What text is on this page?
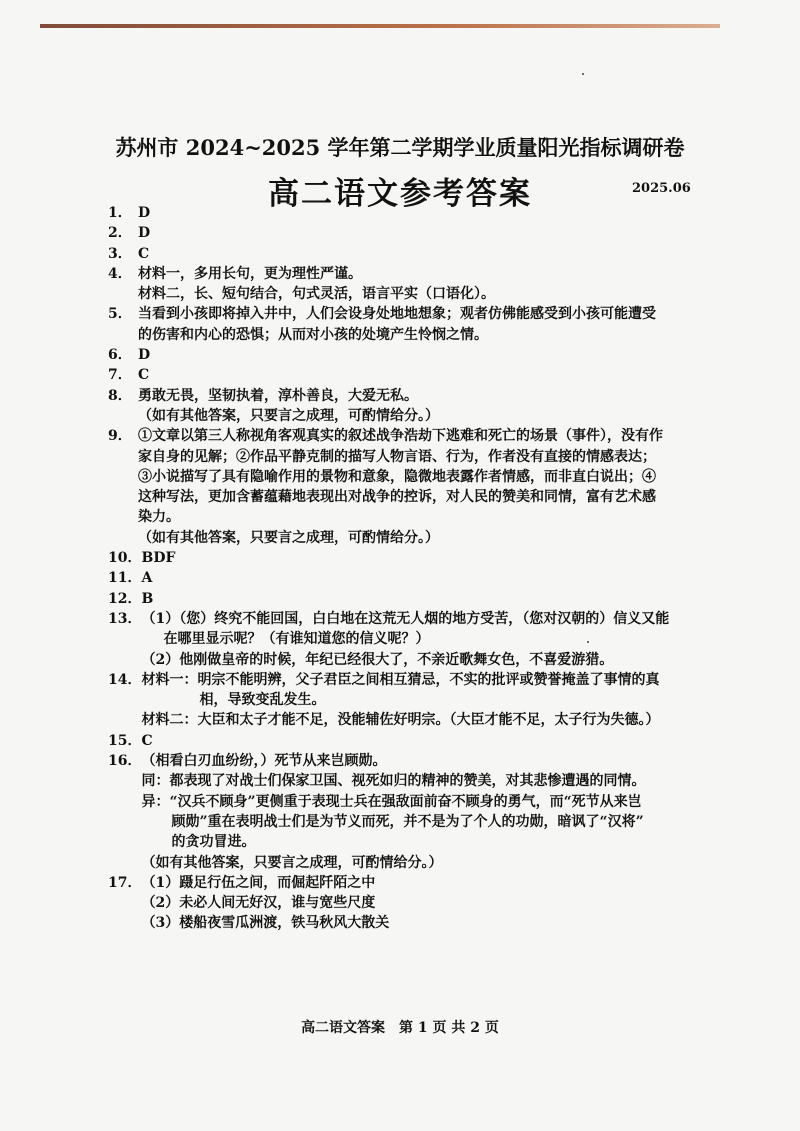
苏州市 2024~2025 学年第二学期学业质量阳光指标调研卷
高二语文参考答案	2025.06
1． D
2． D
3． C
4． 材料一，多用长句，更为理性严谨。
材料二，长、短句结合，句式灵活，语言平实（口语化）。
5． 当看到小孩即将掉入井中，人们会设身处地地想象；观者仿佛能感受到小孩可能遭受
的伤害和内心的恐惧；从而对小孩的处境产生怜悯之情。
6． D
7． C
8． 勇敢无畏，坚韧执着，淳朴善良，大爱无私。
（如有其他答案，只要言之成理，可酌情给分。）
9． ①文章以第三人称视角客观真实的叙述战争浩劫下逃难和死亡的场景（事件），没有作
家自身的见解；②作品平静克制的描写人物言语、行为，作者没有直接的情感表达；
③小说描写了具有隐喻作用的景物和意象，隐微地表露作者情感，而非直白说出；④
这种写法，更加含蓄蕴藉地表现出对战争的控诉，对人民的赞美和同情，富有艺术感
染力。
（如有其他答案，只要言之成理，可酌情给分。）
10． BDF
11． A
12． B
13． （1）（您）终究不能回国，白白地在这荒无人烟的地方受苦，（您对汉朝的）信义又能
在哪里显示呢？（有谁知道您的信义呢？）
（2）他刚做皇帝的时候，年纪已经很大了，不亲近歌舞女色，不喜爱游猎。
14． 材料一：明宗不能明辨，父子君臣之间相互猜忌，不实的批评或赞誉掩盖了事情的真
相，导致变乱发生。
材料二：大臣和太子才能不足，没能辅佐好明宗。（大臣才能不足，太子行为失德。）
15． C
16． （相看白刃血纷纷，）死节从来岂顾勋。
同：都表现了对战士们保家卫国、视死如归的精神的赞美，对其悲惨遭遇的同情。
异：“汉兵不顾身”更侧重于表现士兵在强敌面前奋不顾身的勇气，而“死节从来岂
顾勋”重在表明战士们是为节义而死，并不是为了个人的功勋，暗讽了“汉将”
的贪功冒进。
（如有其他答案，只要言之成理，可酌情给分。）
17． （1）蹑足行伍之间，而倔起阡陌之中
（2）未必人间无好汉，谁与宽些尺度
（3）楼船夜雪瓜洲渡，铁马秋风大散关
高二语文答案　第 1 页 共 2 页
